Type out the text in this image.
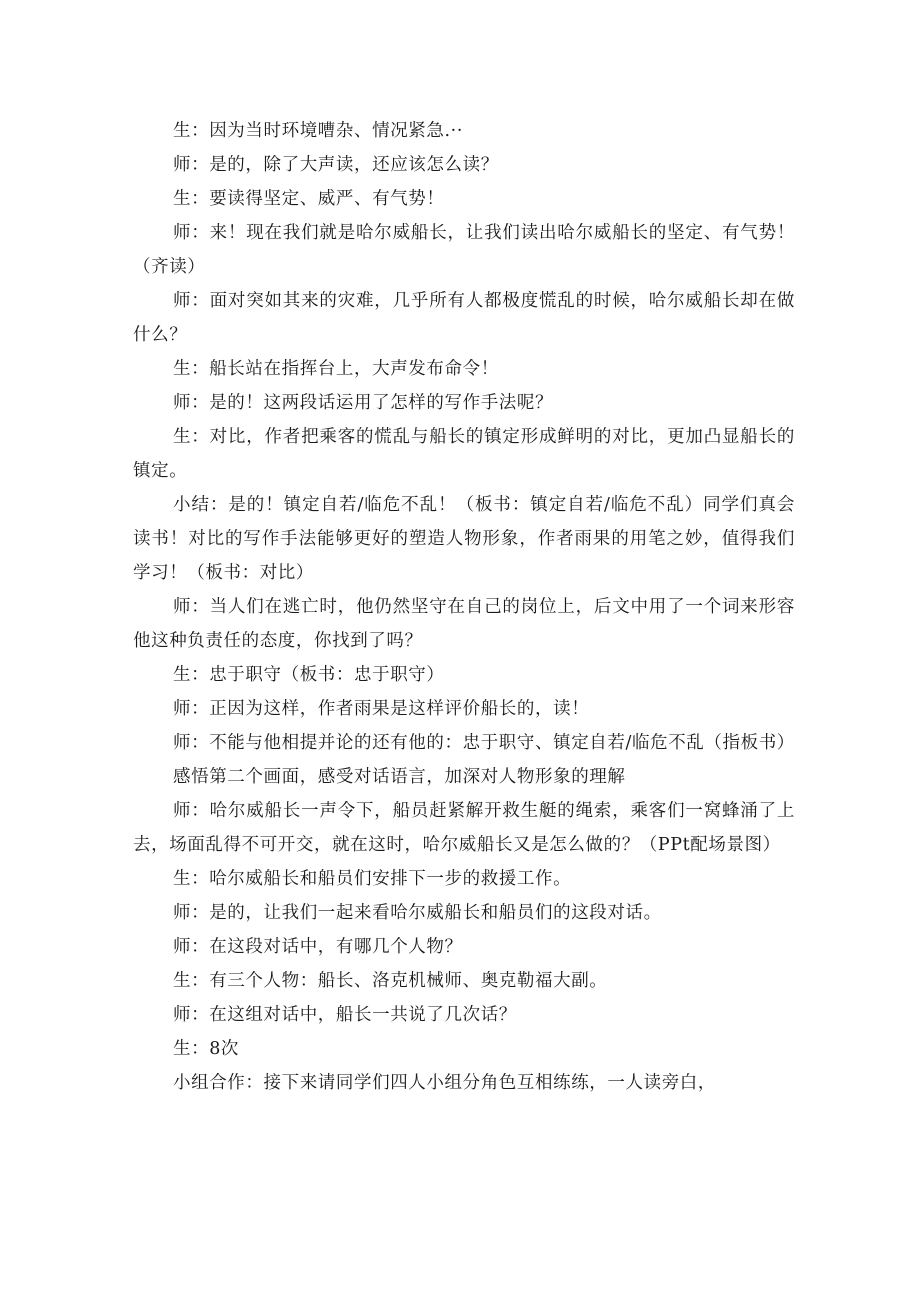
生：因为当时环境嘈杂、情况紧急.··

师：是的，除了大声读，还应该怎么读？

生：要读得坚定、威严、有气势！

师：来！现在我们就是哈尔威船长，让我们读出哈尔威船长的坚定、有气势！（齐读）

师：面对突如其来的灾难，几乎所有人都极度慌乱的时候，哈尔威船长却在做什么？

生：船长站在指挥台上，大声发布命令！

师：是的！这两段话运用了怎样的写作手法呢？

生：对比，作者把乘客的慌乱与船长的镇定形成鲜明的对比，更加凸显船长的镇定。

小结：是的！镇定自若/临危不乱！（板书：镇定自若/临危不乱）同学们真会读书！对比的写作手法能够更好的塑造人物形象，作者雨果的用笔之妙，值得我们学习！（板书：对比）

师：当人们在逃亡时，他仍然坚守在自己的岗位上，后文中用了一个词来形容他这种负责任的态度，你找到了吗？

生：忠于职守（板书：忠于职守）

师：正因为这样，作者雨果是这样评价船长的，读！

师：不能与他相提并论的还有他的：忠于职守、镇定自若/临危不乱（指板书）

感悟第二个画面，感受对话语言，加深对人物形象的理解

师：哈尔威船长一声令下，船员赶紧解开救生艇的绳索，乘客们一窝蜂涌了上去，场面乱得不可开交，就在这时，哈尔威船长又是怎么做的？（PPt配场景图）

生：哈尔威船长和船员们安排下一步的救援工作。

师：是的，让我们一起来看哈尔威船长和船员们的这段对话。

师：在这段对话中，有哪几个人物？

生：有三个人物：船长、洛克机械师、奥克勒福大副。

师：在这组对话中，船长一共说了几次话？

生：8次

小组合作：接下来请同学们四人小组分角色互相练练，一人读旁白，
